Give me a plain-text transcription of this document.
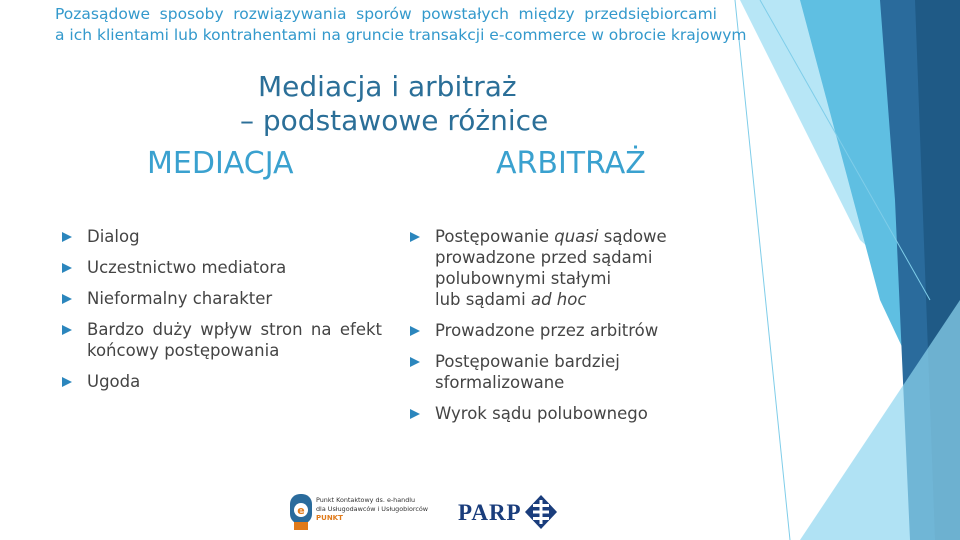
Pozasądowe sposoby rozwiązywania sporów powstałych między przedsiębiorcami
a ich klientami lub kontrahentami na gruncie transakcji e-commerce w obrocie krajowym
Mediacja i arbitraż
– podstawowe różnice
MEDIACJA	ARBITRAŻ
Dialog
Uczestnictwo mediatora
Nieformalny charakter
Bardzo duży wpływ stron na efekt końcowy postępowania
Ugoda
Postępowanie quasi sądowe
prowadzone przed sądami
polubownymi stałymi
lub sądami ad hoc
Prowadzone przez arbitrów
Postępowanie bardziej
sformalizowane
Wyrok sądu polubownego
e
Punkt Kontaktowy ds. e-handlu
dla Usługodawców i Usługobiorców
PUNKT	PARP
